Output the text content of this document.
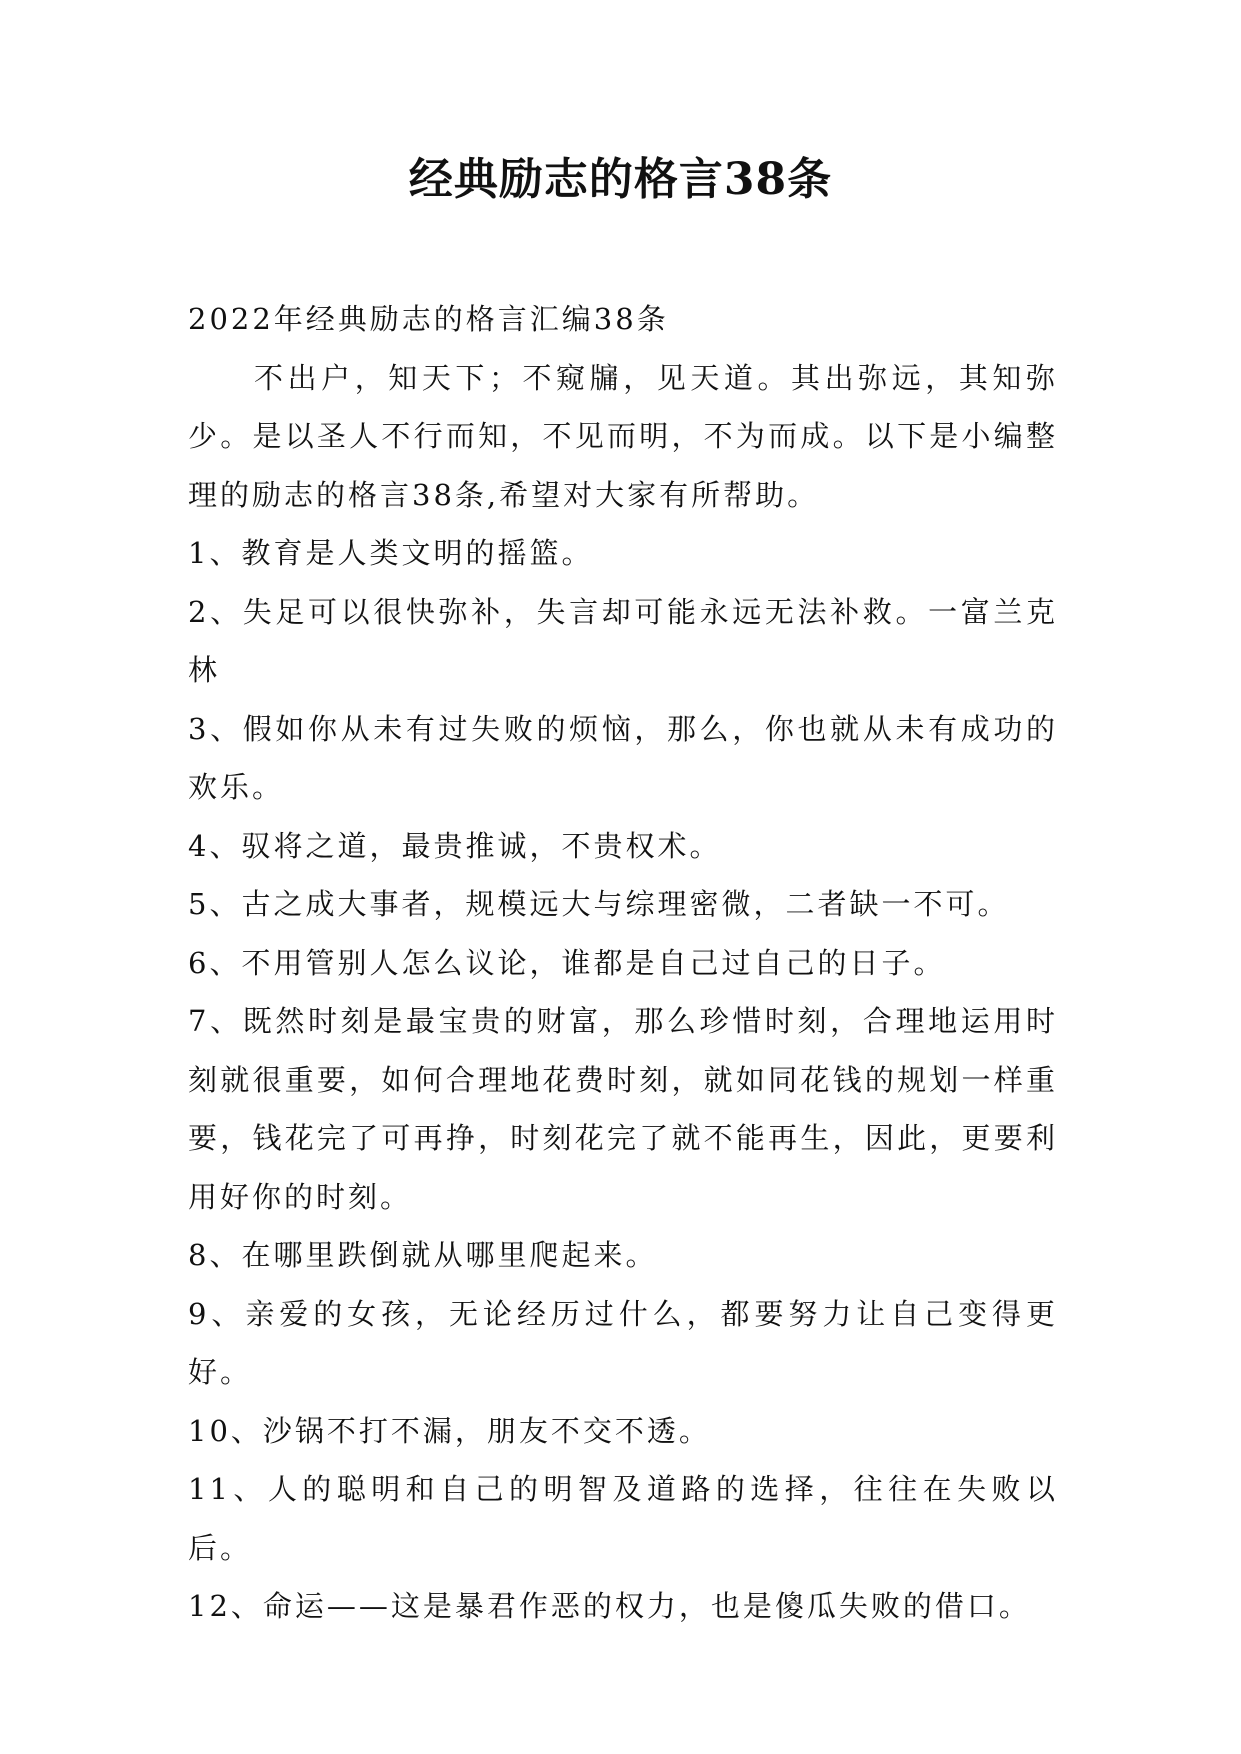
经典励志的格言38条

2022年经典励志的格言汇编38条

不出户，知天下；不窥牖，见天道。其出弥远，其知弥少。是以圣人不行而知，不见而明，不为而成。以下是小编整理的励志的格言38条,希望对大家有所帮助。

1、教育是人类文明的摇篮。

2、失足可以很快弥补，失言却可能永远无法补救。一富兰克林

3、假如你从未有过失败的烦恼，那么，你也就从未有成功的欢乐。

4、驭将之道，最贵推诚，不贵权术。

5、古之成大事者，规模远大与综理密微，二者缺一不可。

6、不用管别人怎么议论，谁都是自己过自己的日子。

7、既然时刻是最宝贵的财富，那么珍惜时刻，合理地运用时刻就很重要，如何合理地花费时刻，就如同花钱的规划一样重要，钱花完了可再挣，时刻花完了就不能再生，因此，更要利用好你的时刻。

8、在哪里跌倒就从哪里爬起来。

9、亲爱的女孩，无论经历过什么，都要努力让自己变得更好。

10、沙锅不打不漏，朋友不交不透。

11、人的聪明和自己的明智及道路的选择，往往在失败以后。

12、命运——这是暴君作恶的权力，也是傻瓜失败的借口。
